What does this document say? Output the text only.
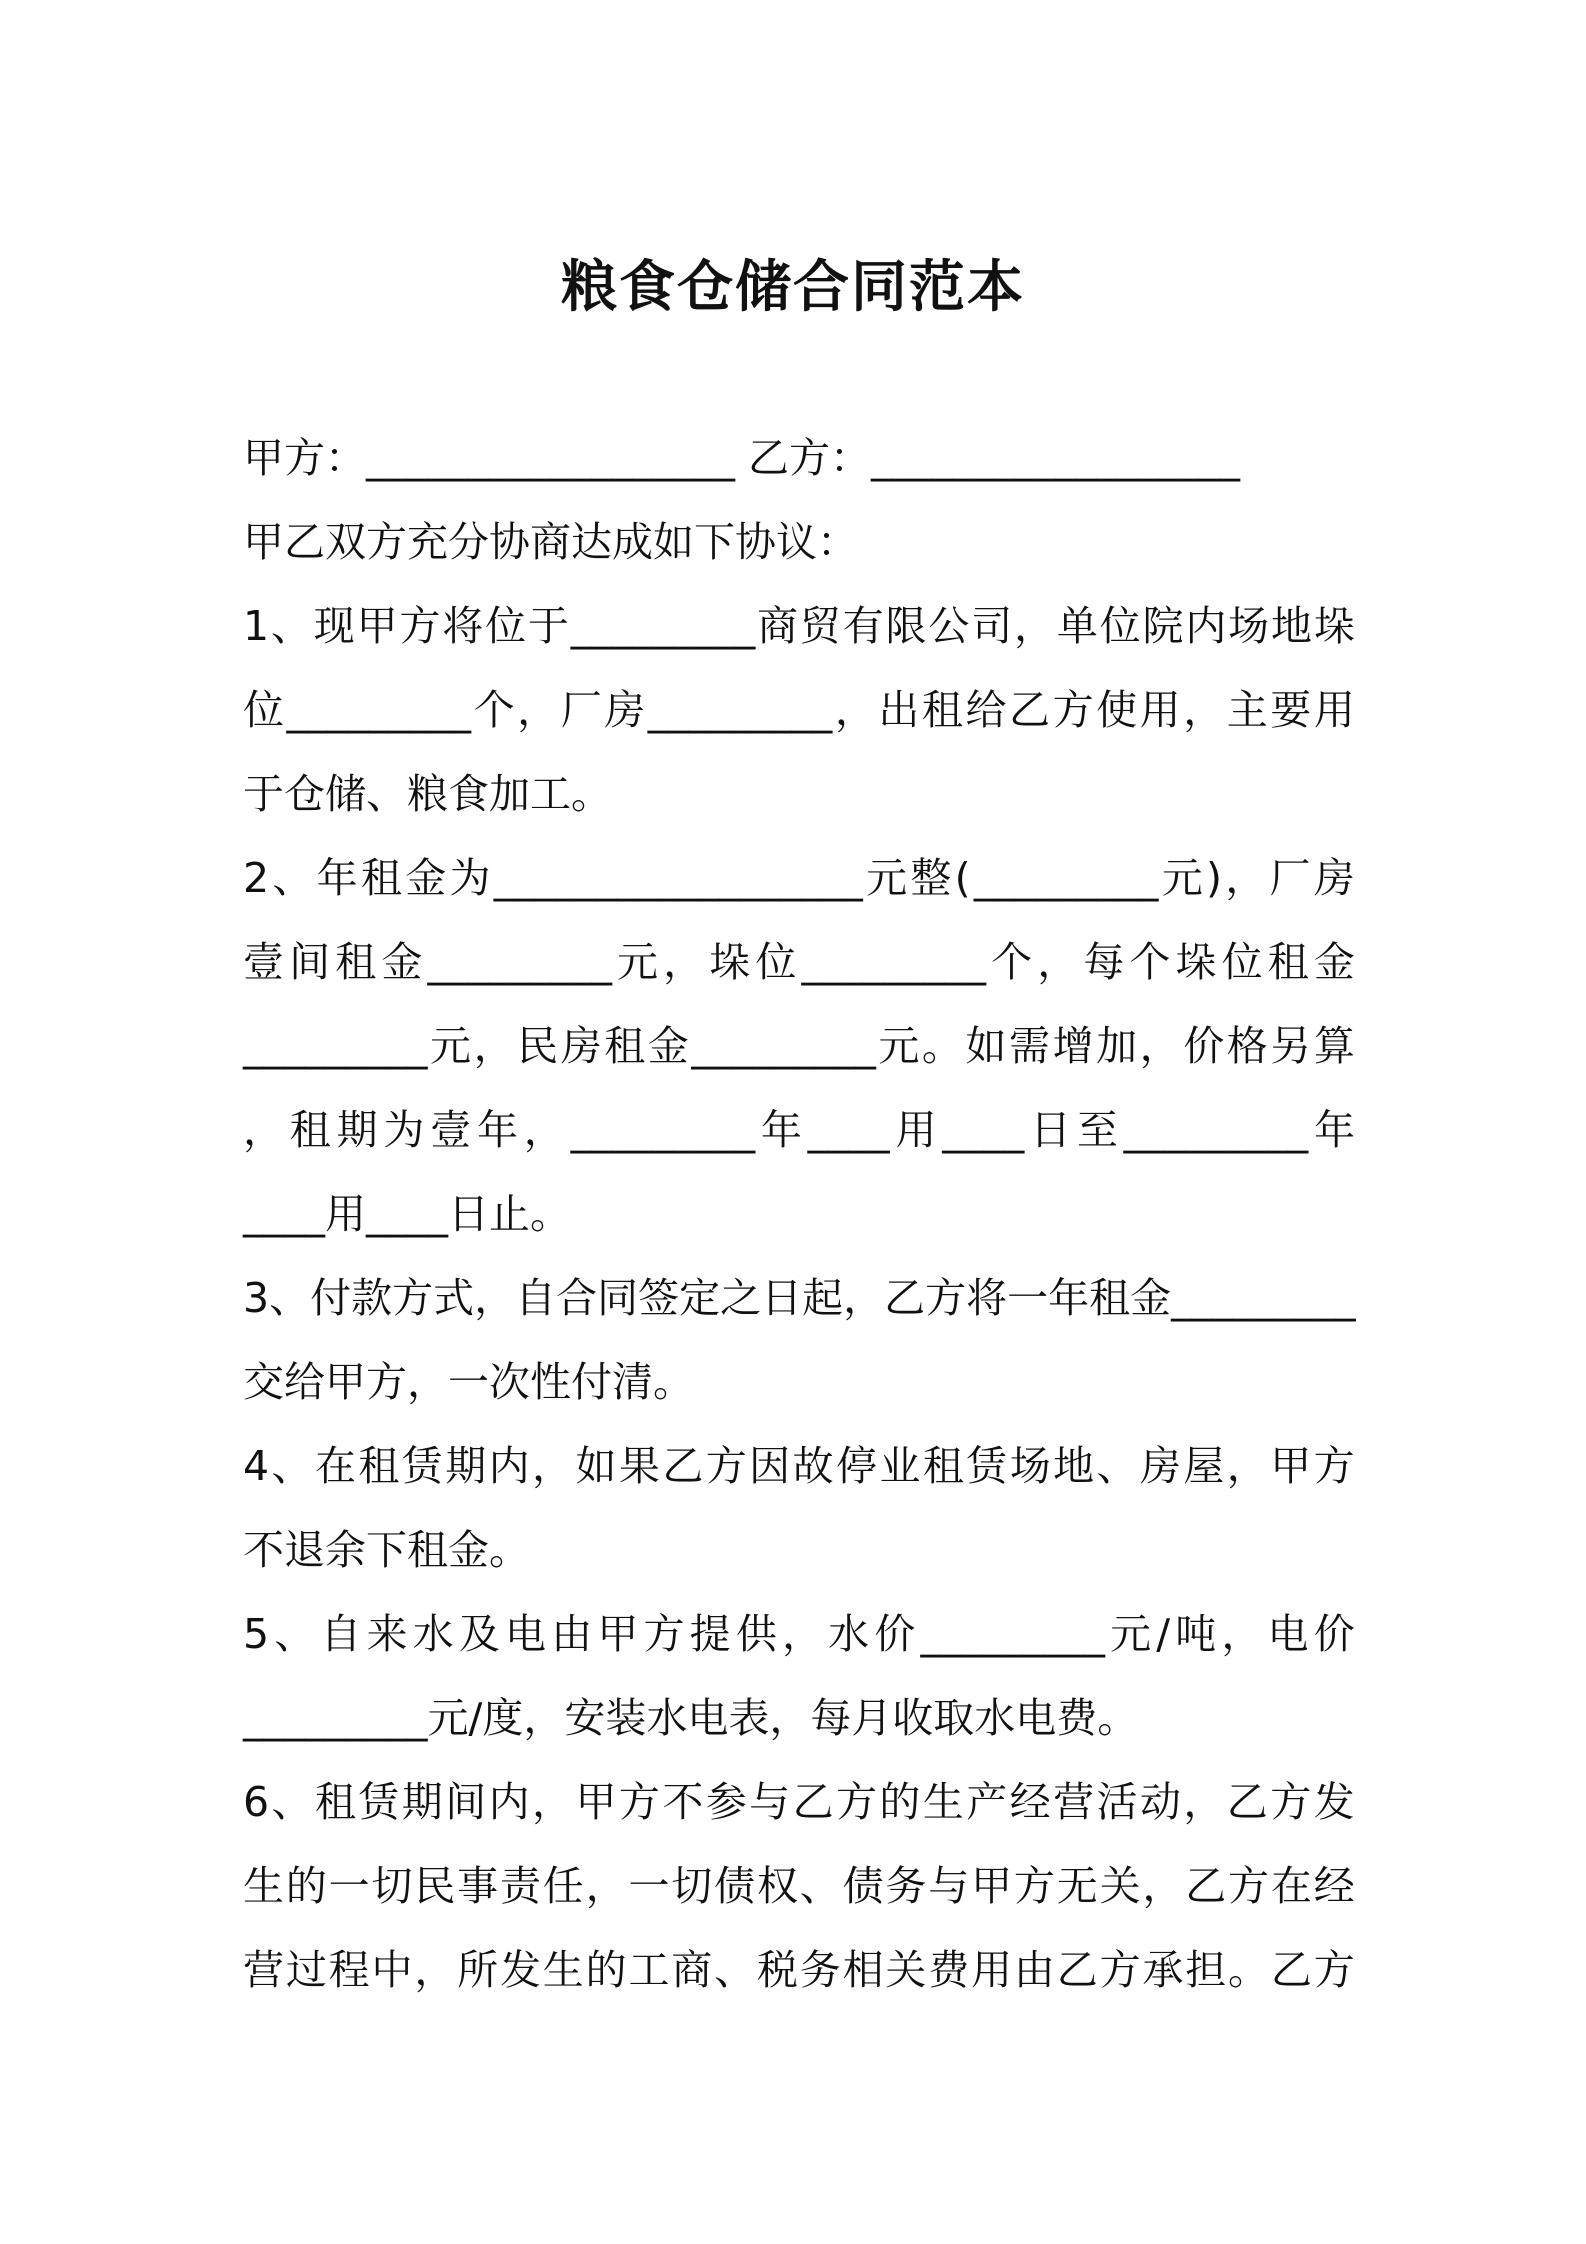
粮食仓储合同范本
甲方：__________________ 乙方：__________________
甲乙双方充分协商达成如下协议：
1 、 现 甲 方 将 位 于 _________ 商 贸 有 限 公 司 ， 单 位 院 内 场 地 垛
位 _________ 个 ， 厂 房 _________ ， 出 租 给 乙 方 使 用 ， 主 要 用
于仓储、粮食加工。
2 、 年 租 金 为 __________________ 元 整 ( _________ 元 ) ， 厂 房
壹 间 租 金 _________ 元 ， 垛 位 _________ 个 ， 每 个 垛 位 租 金
_________ 元 ， 民 房 租 金 _________ 元 。 如 需 增 加 ， 价 格 另 算
， 租 期 为 壹 年 ， _________ 年 ____ 用 ____ 日 至 _________ 年
____用____日止。
3 、 付 款 方 式 ， 自 合 同 签 定 之 日 起 ， 乙 方 将 一 年 租 金 _________
交给甲方，一次性付清。
4 、 在 租 赁 期 内 ， 如 果 乙 方 因 故 停 业 租 赁 场 地 、 房 屋 ， 甲 方
不退余下租金。
5 、 自 来 水 及 电 由 甲 方 提 供 ， 水 价 _________ 元 / 吨 ， 电 价
_________元/度，安装水电表，每月收取水电费。
6 、 租 赁 期 间 内 ， 甲 方 不 参 与 乙 方 的 生 产 经 营 活 动 ， 乙 方 发
生 的 一 切 民 事 责 任 ， 一 切 债 权 、 债 务 与 甲 方 无 关 ， 乙 方 在 经
营 过 程 中 ， 所 发 生 的 工 商 、 税 务 相 关 费 用 由 乙 方 承 担 。 乙 方
